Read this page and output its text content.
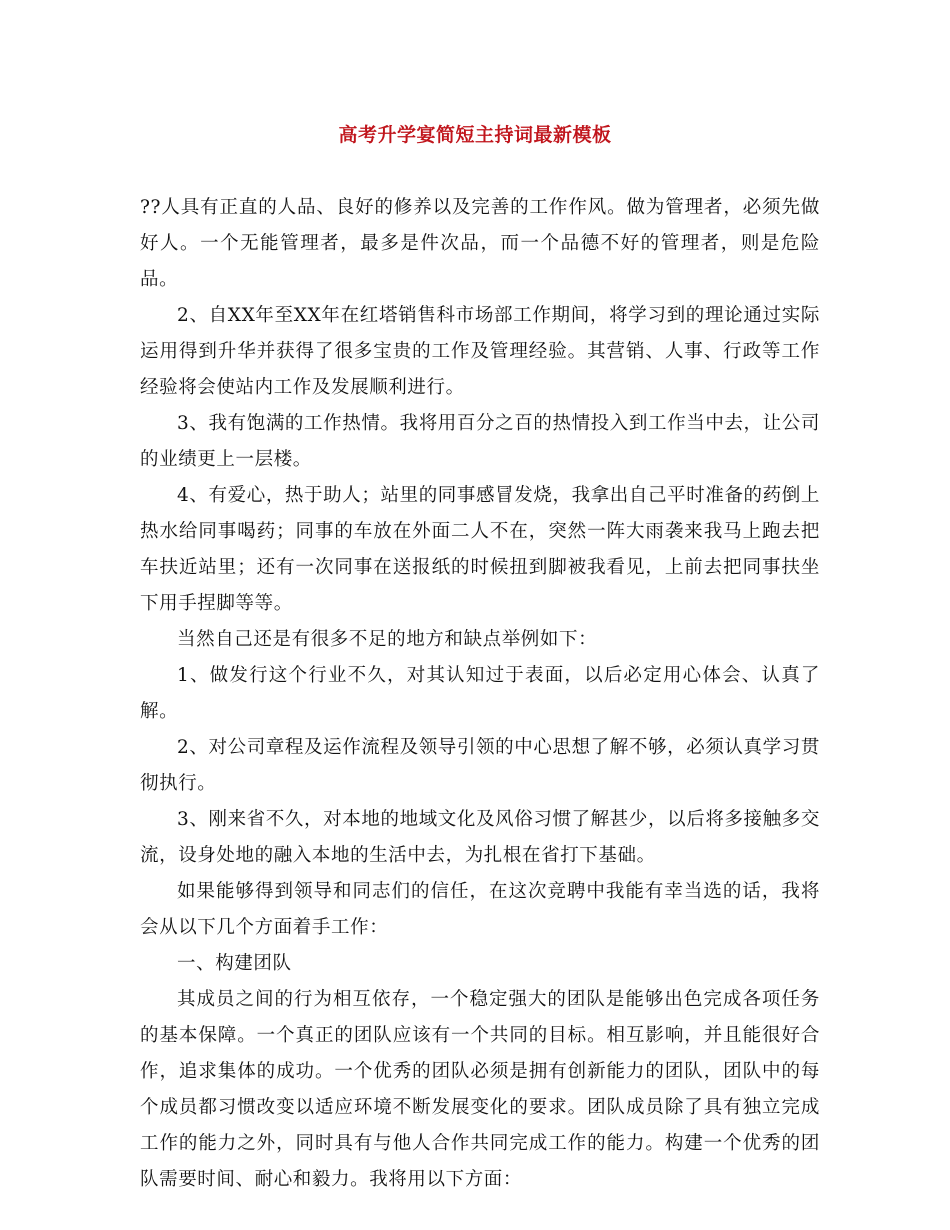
高考升学宴简短主持词最新模板

??人具有正直的人品、良好的修养以及完善的工作作风。做为管理者，必须先做好人。一个无能管理者，最多是件次品，而一个品德不好的管理者，则是危险品。

2、自XX年至XX年在红塔销售科市场部工作期间，将学习到的理论通过实际运用得到升华并获得了很多宝贵的工作及管理经验。其营销、人事、行政等工作经验将会使站内工作及发展顺利进行。

3、我有饱满的工作热情。我将用百分之百的热情投入到工作当中去，让公司的业绩更上一层楼。

4、有爱心，热于助人；站里的同事感冒发烧，我拿出自己平时准备的药倒上热水给同事喝药；同事的车放在外面二人不在，突然一阵大雨袭来我马上跑去把车扶近站里；还有一次同事在送报纸的时候扭到脚被我看见，上前去把同事扶坐下用手捏脚等等。

当然自己还是有很多不足的地方和缺点举例如下：

1、做发行这个行业不久，对其认知过于表面，以后必定用心体会、认真了解。

2、对公司章程及运作流程及领导引领的中心思想了解不够，必须认真学习贯彻执行。

3、刚来省不久，对本地的地域文化及风俗习惯了解甚少，以后将多接触多交流，设身处地的融入本地的生活中去，为扎根在省打下基础。

如果能够得到领导和同志们的信任，在这次竞聘中我能有幸当选的话，我将会从以下几个方面着手工作：

一、构建团队

其成员之间的行为相互依存，一个稳定强大的团队是能够出色完成各项任务的基本保障。一个真正的团队应该有一个共同的目标。相互影响，并且能很好合作，追求集体的成功。一个优秀的团队必须是拥有创新能力的团队，团队中的每个成员都习惯改变以适应环境不断发展变化的要求。团队成员除了具有独立完成工作的能力之外，同时具有与他人合作共同完成工作的能力。构建一个优秀的团队需要时间、耐心和毅力。我将用以下方面：
